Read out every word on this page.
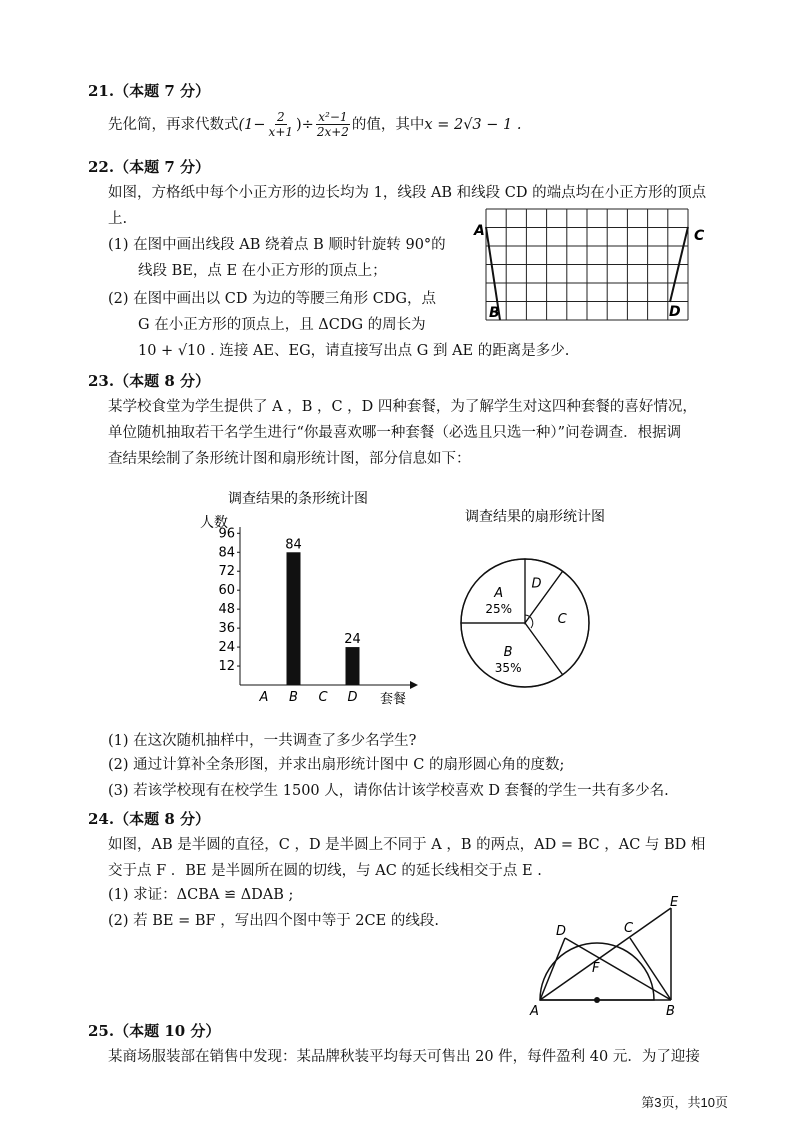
21.（本题 7 分）
先化简，再求代数式 ($1- \frac{2}{x+1}$ )÷ $\frac{\text{x²−1}}{2x+2}$ 的值，其中 x = 2√3 − 1 .
22.（本题 7 分）
如图，方格纸中每个小正方形的边长均为 1，线段 AB 和线段 CD 的端点均在小正方形的顶点
上.
(1) 在图中画出线段 AB 绕着点 B 顺时针旋转 90°的
线段 BE，点 E 在小正方形的顶点上；
(2) 在图中画出以 CD 为边的等腰三角形 CDG，点
G 在小正方形的顶点上，且 ΔCDG 的周长为
10 + √10 . 连接 AE、EG，请直接写出点 G 到 AE 的距离是多少.
A
B
C
D
23.（本题 8 分）
某学校食堂为学生提供了 A ，B ，C ，D 四种套餐，为了解学生对这四种套餐的喜好情况，
单位随机抽取若干名学生进行“你最喜欢哪一种套餐（必选且只选一种）”问卷调查．根据调
查结果绘制了条形统计图和扇形统计图，部分信息如下：
调查结果的条形统计图
人数
12
24
36
48
60
72
84
96
A B
84
C D
24
套餐
调查结果的扇形统计图
D
C
B
35%
A
25%
(1) 在这次随机抽样中，一共调查了多少名学生?
(2) 通过计算补全条形图，并求出扇形统计图中 C 的扇形圆心角的度数;
(3) 若该学校现有在校学生 1500 人，请你估计该学校喜欢 D 套餐的学生一共有多少名.
24.（本题 8 分）
如图，AB 是半圆的直径，C ，D 是半圆上不同于 A ，B 的两点，AD = BC ，AC 与 BD 相
交于点 F ．BE 是半圆所在圆的切线，与 AC 的延长线相交于点 E .
(1) 求证：ΔCBA ≌ ΔDAB ;
(2) 若 BE = BF ，写出四个图中等于 2CE 的线段.
A	B
C
D
E
F
25.（本题 10 分）
某商场服装部在销售中发现：某品牌秋装平均每天可售出 20 件，每件盈利 40 元．为了迎接
第3页，共10页
